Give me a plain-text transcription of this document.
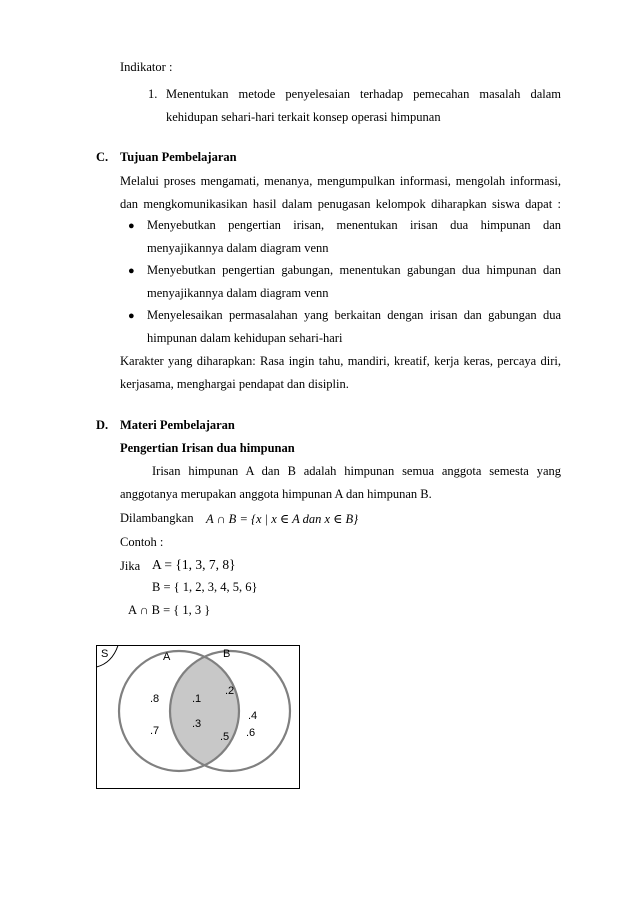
Indikator :
1. Menentukan metode penyelesaian terhadap pemecahan masalah dalam
kehidupan sehari-hari terkait konsep operasi himpunan
C. Tujuan Pembelajaran
Melalui proses mengamati, menanya, mengumpulkan informasi, mengolah informasi,
dan mengkomunikasikan hasil dalam penugasan kelompok diharapkan siswa dapat :
● Menyebutkan pengertian irisan, menentukan irisan dua himpunan dan
menyajikannya dalam diagram venn
● Menyebutkan pengertian gabungan, menentukan gabungan dua himpunan dan
menyajikannya dalam diagram venn
● Menyelesaikan permasalahan yang berkaitan dengan irisan dan gabungan dua
himpunan dalam kehidupan sehari-hari
Karakter yang diharapkan: Rasa ingin tahu, mandiri, kreatif, kerja keras, percaya diri,
kerjasama, menghargai pendapat dan disiplin.
D. Materi Pembelajaran
Pengertian Irisan dua himpunan
Irisan himpunan A dan B adalah himpunan semua anggota semesta yang
anggotanya merupakan anggota himpunan A dan himpunan B.
Dilambangkan A ∩ B = {x | x ∈ A dan x ∈ B}
Contoh :
Jika A = {1, 3, 7, 8}
B = { 1, 2, 3, 4, 5, 6}
A ∩ B = { 1, 3 }
S	A	B
.8
.7
.1
.3
.2
.4
.6
.5
